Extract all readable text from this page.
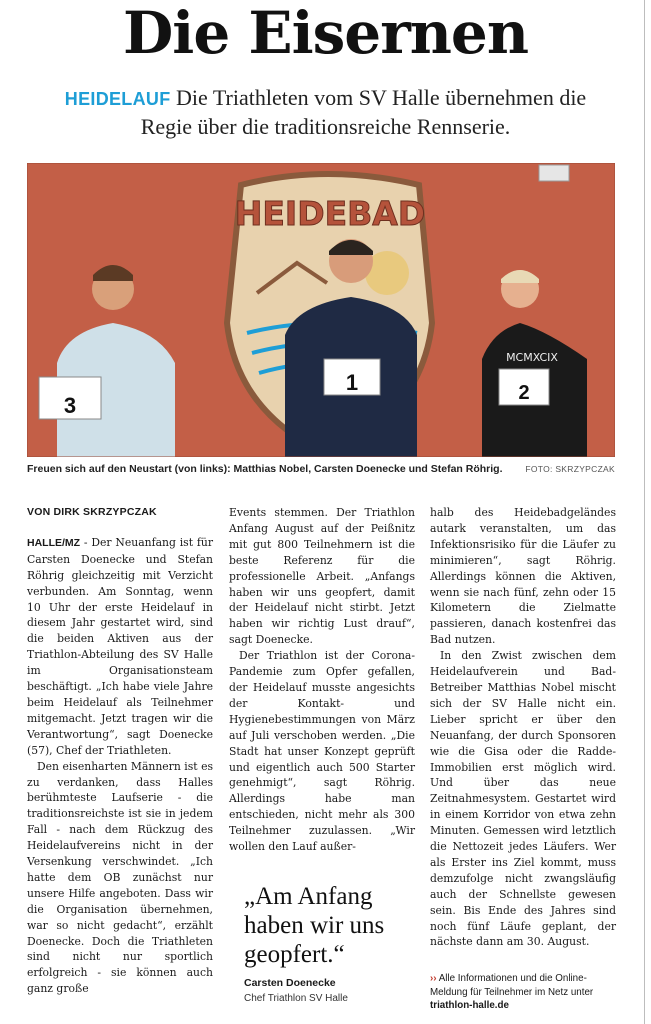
Die Eisernen
HEIDELAUF Die Triathleten vom SV Halle übernehmen die Regie über die traditionsreiche Rennserie.
HEIDEBAD
3
1
MCMXCIX
2
Freuen sich auf den Neustart (von links): Matthias Nobel, Carsten Doenecke und Stefan Röhrig.	FOTO: SKRZYPCZAK
VON DIRK SKRZYPCZAK

HALLE/MZ - Der Neuanfang ist für Carsten Doenecke und Stefan Röhrig gleichzeitig mit Verzicht verbunden. Am Sonntag, wenn 10 Uhr der erste Heidelauf in diesem Jahr gestartet wird, sind die beiden Aktiven aus der Triathlon-Abteilung des SV Halle im Organisationsteam beschäftigt. „Ich habe viele Jahre beim Heidelauf als Teilnehmer mitgemacht. Jetzt tragen wir die Verantwortung“, sagt Doenecke (57), Chef der Triathleten.

Den eisenharten Männern ist es zu verdanken, dass Halles berühmteste Laufserie - die traditionsreichste ist sie in jedem Fall - nach dem Rückzug des Heidelaufvereins nicht in der Versenkung verschwindet. „Ich hatte dem OB zunächst nur unsere Hilfe angeboten. Dass wir die Organisation übernehmen, war so nicht gedacht“, erzählt Doenecke. Doch die Triathleten sind nicht nur sportlich erfolgreich - sie können auch ganz große

Events stemmen. Der Triathlon Anfang August auf der Peißnitz mit gut 800 Teilnehmern ist die beste Referenz für die professionelle Arbeit. „Anfangs haben wir uns geopfert, damit der Heidelauf nicht stirbt. Jetzt haben wir richtig Lust drauf“, sagt Doenecke.

Der Triathlon ist der Corona-Pandemie zum Opfer gefallen, der Heidelauf musste angesichts der Kontakt- und Hygienebestimmungen von März auf Juli verschoben werden. „Die Stadt hat unser Konzept geprüft und eigentlich auch 500 Starter genehmigt“, sagt Röhrig. Allerdings habe man entschieden, nicht mehr als 300 Teilnehmer zuzulassen. „Wir wollen den Lauf außer-

„Am Anfang haben wir uns geopfert.“
Carsten Doenecke
Chef Triathlon SV Halle

halb des Heidebadgeländes autark veranstalten, um das Infektionsrisiko für die Läufer zu minimieren“, sagt Röhrig. Allerdings können die Aktiven, wenn sie nach fünf, zehn oder 15 Kilometern die Zielmatte passieren, danach kostenfrei das Bad nutzen.

In den Zwist zwischen dem Heidelaufverein und Bad-Betreiber Matthias Nobel mischt sich der SV Halle nicht ein. Lieber spricht er über den Neuanfang, der durch Sponsoren wie die Gisa oder die Radde-Immobilien erst möglich wird. Und über das neue Zeitnahmesystem. Gestartet wird in einem Korridor von etwa zehn Minuten. Gemessen wird letztlich die Nettozeit jedes Läufers. Wer als Erster ins Ziel kommt, muss demzufolge nicht zwangsläufig auch der Schnellste gewesen sein. Bis Ende des Jahres sind noch fünf Läufe geplant, der nächste dann am 30. August.

›› Alle Informationen und die Online-Meldung für Teilnehmer im Netz unter triathlon-halle.de
